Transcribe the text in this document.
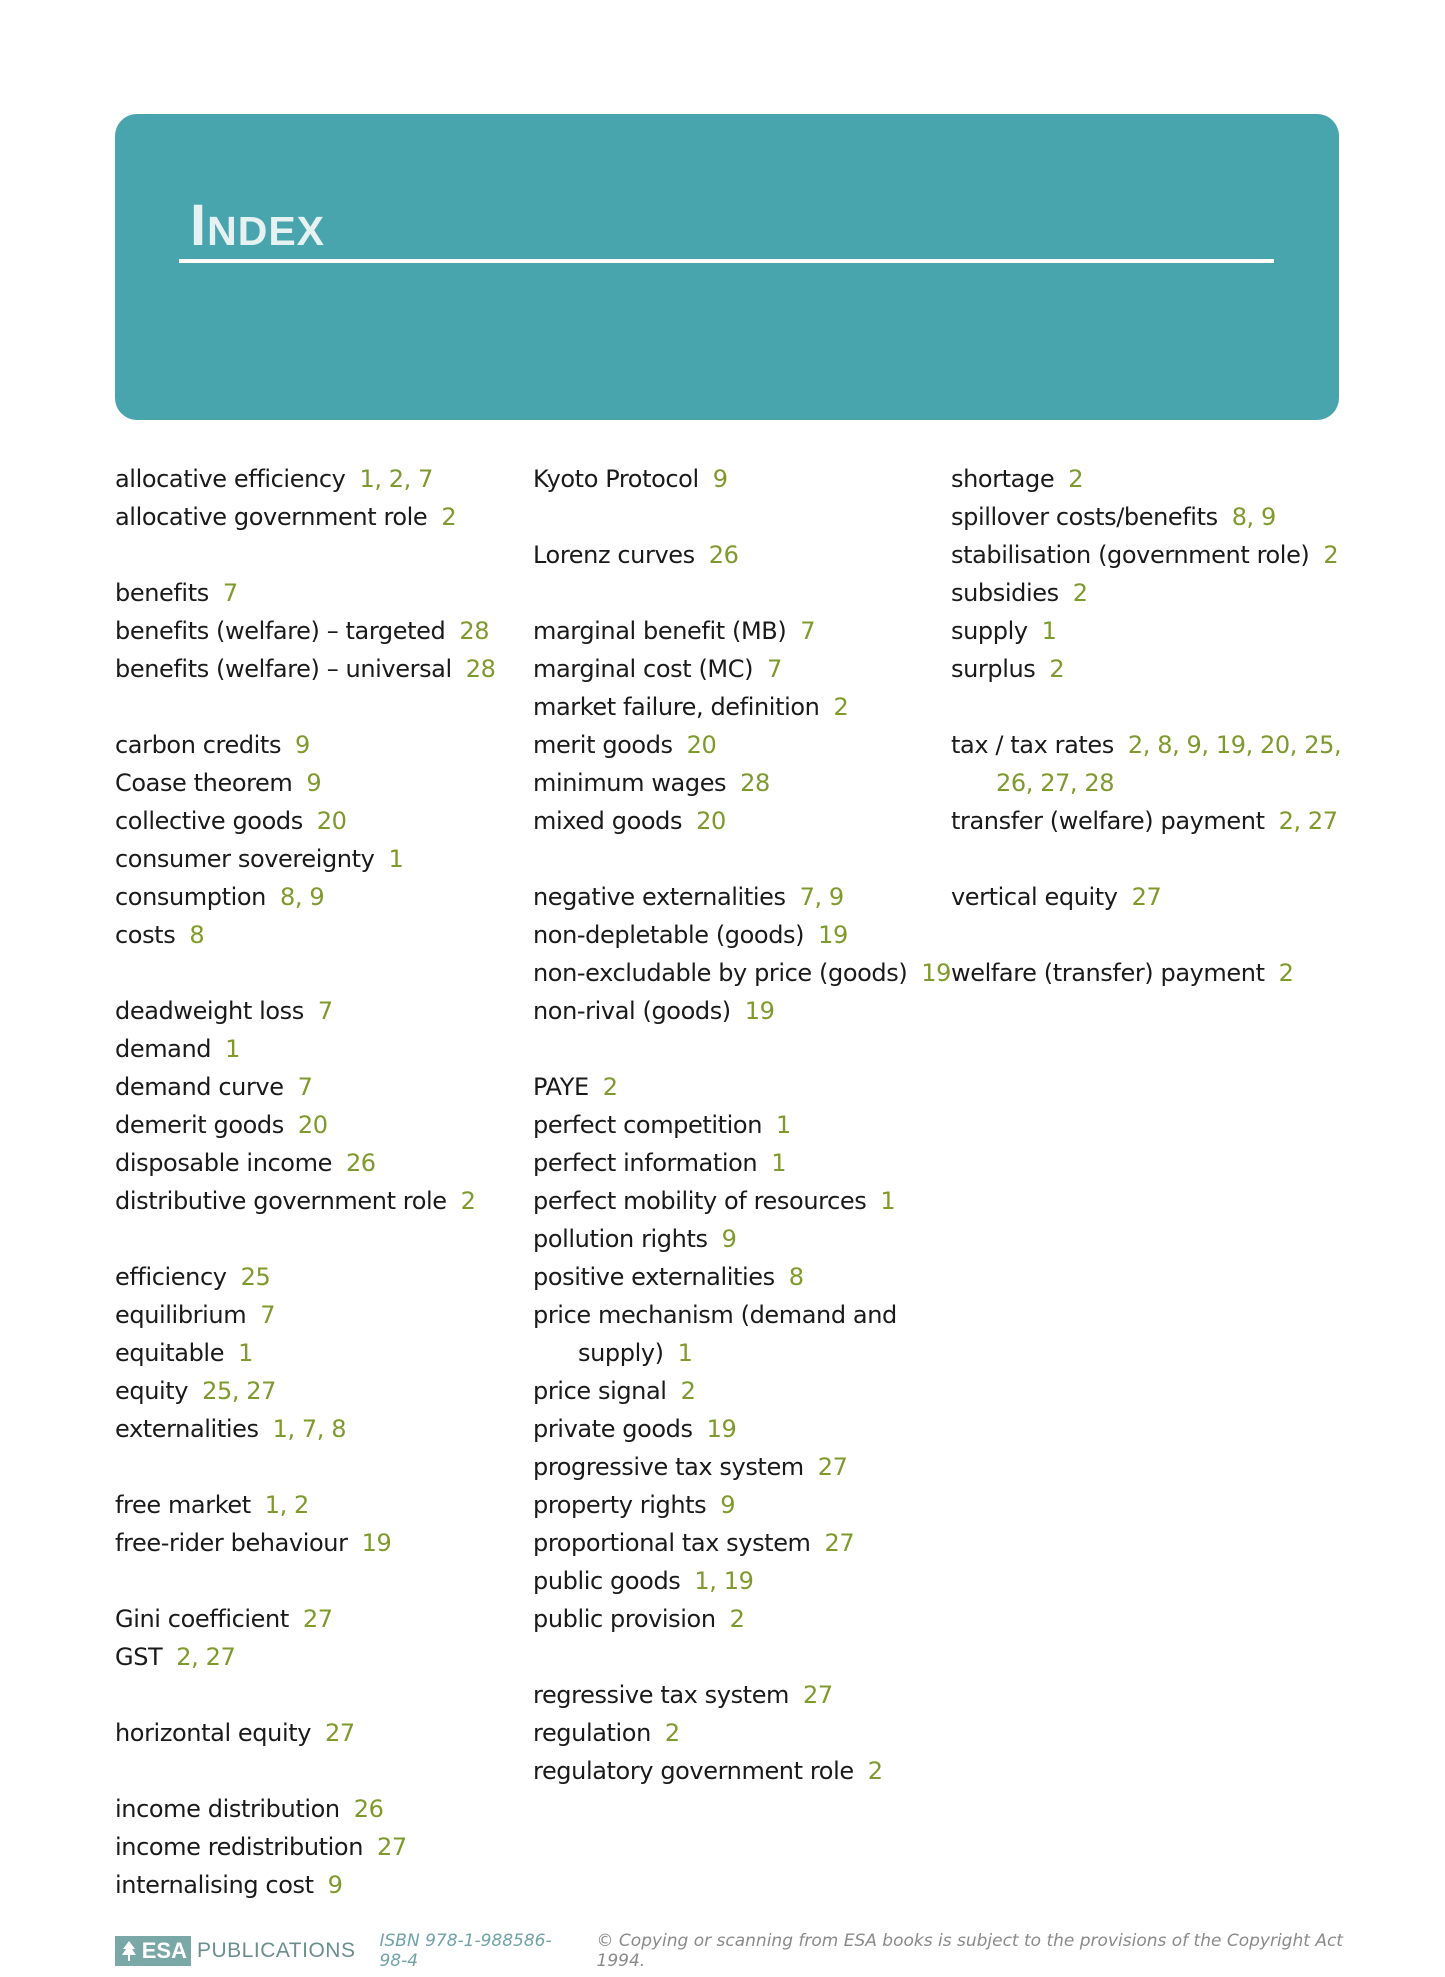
Index
allocative efficiency 1, 2, 7
allocative government role 2
benefits 7
benefits (welfare) – targeted 28
benefits (welfare) – universal 28
carbon credits 9
Coase theorem 9
collective goods 20
consumer sovereignty 1
consumption 8, 9
costs 8
deadweight loss 7
demand 1
demand curve 7
demerit goods 20
disposable income 26
distributive government role 2
efficiency 25
equilibrium 7
equitable 1
equity 25, 27
externalities 1, 7, 8
free market 1, 2
free-rider behaviour 19
Gini coefficient 27
GST 2, 27
horizontal equity 27
income distribution 26
income redistribution 27
internalising cost 9
Kyoto Protocol 9
Lorenz curves 26
marginal benefit (MB) 7
marginal cost (MC) 7
market failure, definition 2
merit goods 20
minimum wages 28
mixed goods 20
negative externalities 7, 9
non-depletable (goods) 19
non-excludable by price (goods) 19
non-rival (goods) 19
PAYE 2
perfect competition 1
perfect information 1
perfect mobility of resources 1
pollution rights 9
positive externalities 8
price mechanism (demand and
supply) 1
price signal 2
private goods 19
progressive tax system 27
property rights 9
proportional tax system 27
public goods 1, 19
public provision 2
regressive tax system 27
regulation 2
regulatory government role 2
shortage 2
spillover costs/benefits 8, 9
stabilisation (government role) 2
subsidies 2
supply 1
surplus 2
tax / tax rates 2, 8, 9, 19, 20, 25,
26, 27, 28
transfer (welfare) payment 2, 27
vertical equity 27
welfare (transfer) payment 2
ESA PUBLICATIONS ISBN 978-1-988586-98-4
© Copying or scanning from ESA books is subject to the provisions of the Copyright Act 1994.
